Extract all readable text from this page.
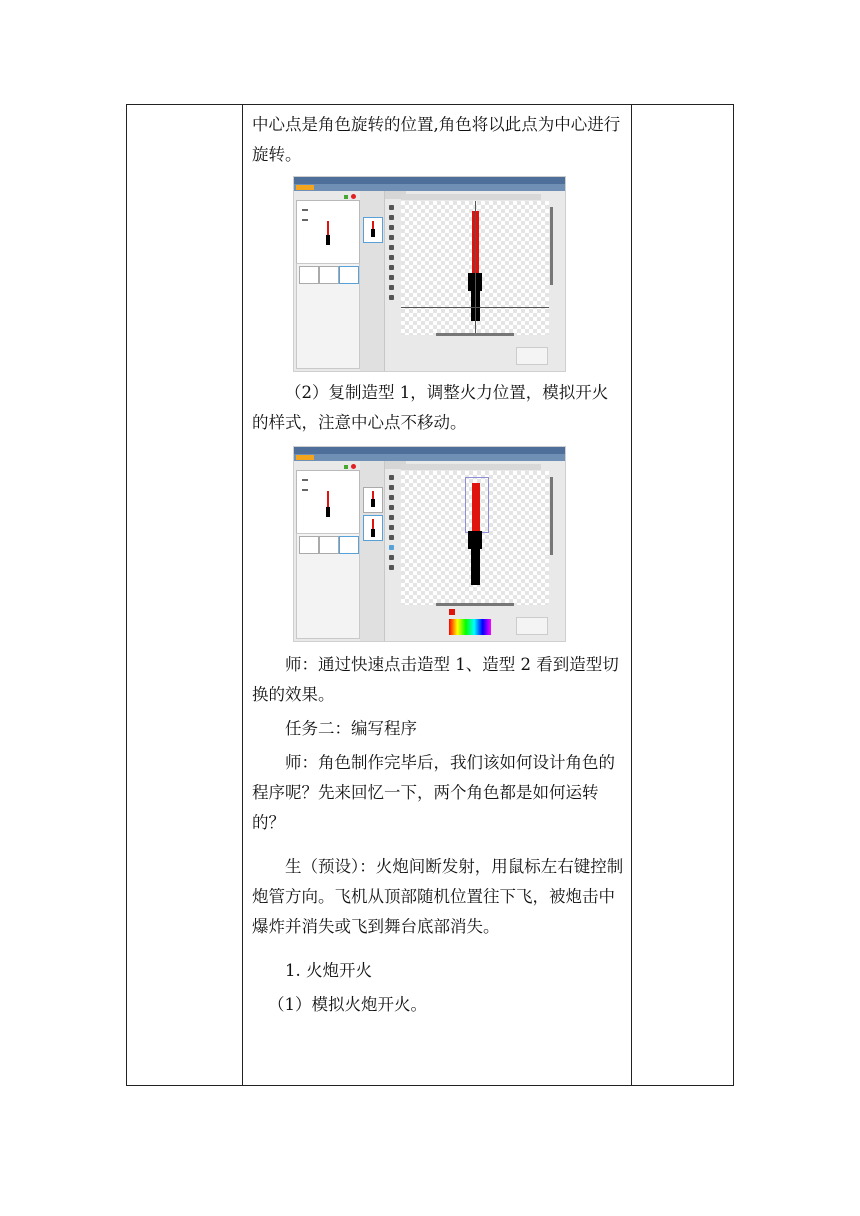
中心点是角色旋转的位置,角色将以此点为中心进行旋转。

（2）复制造型 1，调整火力位置，模拟开火的样式，注意中心点不移动。

师：通过快速点击造型 1、造型 2 看到造型切换的效果。

任务二：编写程序

师：角色制作完毕后，我们该如何设计角色的程序呢？先来回忆一下，两个角色都是如何运转的？

生（预设）：火炮间断发射，用鼠标左右键控制炮管方向。飞机从顶部随机位置往下飞，被炮击中爆炸并消失或飞到舞台底部消失。

1. 火炮开火

（1）模拟火炮开火。
